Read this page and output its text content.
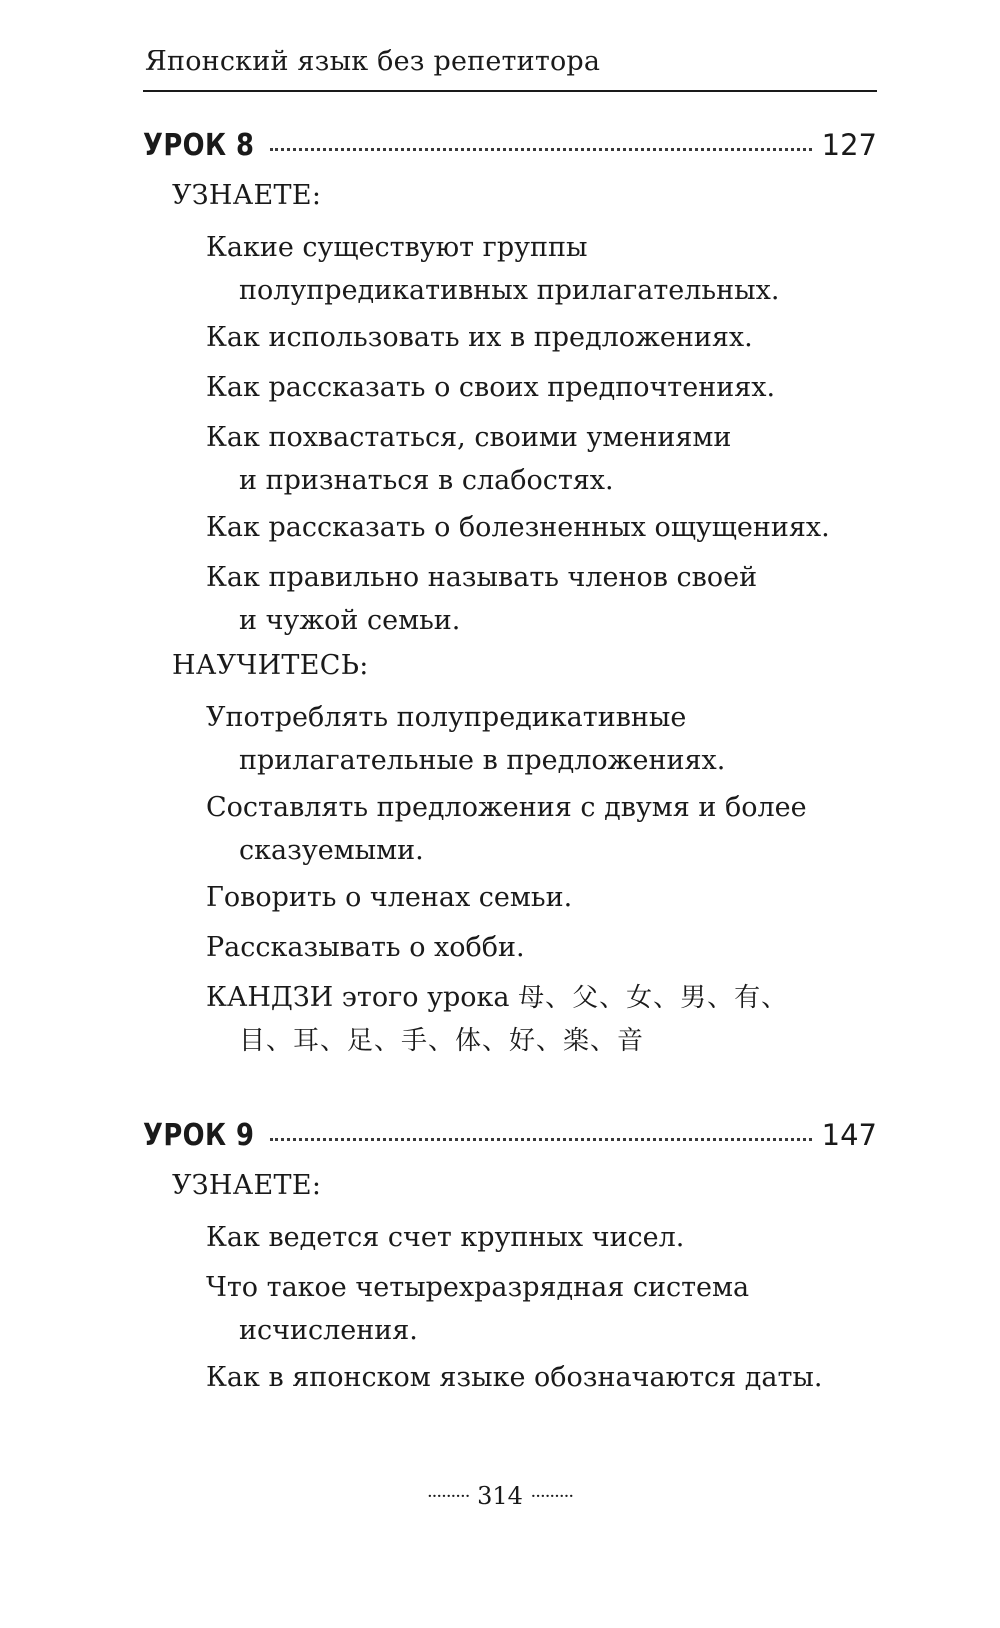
Японский язык без репетитора
УРОК 8	127
УЗНАЕТЕ:
Какие существуют группы
полупредикативных прилагательных.
Как использовать их в предложениях.
Как рассказать о своих предпочтениях.
Как похвастаться, своими умениями
и признаться в слабостях.
Как рассказать о болезненных ощущениях.
Как правильно называть членов своей
и чужой семьи.
НАУЧИТЕСЬ:
Употреблять полупредикативные
прилагательные в предложениях.
Составлять предложения с двумя и более
сказуемыми.
Говорить о членах семьи.
Рассказывать о хобби.
КАНДЗИ этого урока 母、父、女、男、有、
目、耳、足、手、体、好、楽、音
УРОК 9	147
УЗНАЕТЕ:
Как ведется счет крупных чисел.
Что такое четырехразрядная система
исчисления.
Как в японском языке обозначаются даты.
········· 314 ·········
